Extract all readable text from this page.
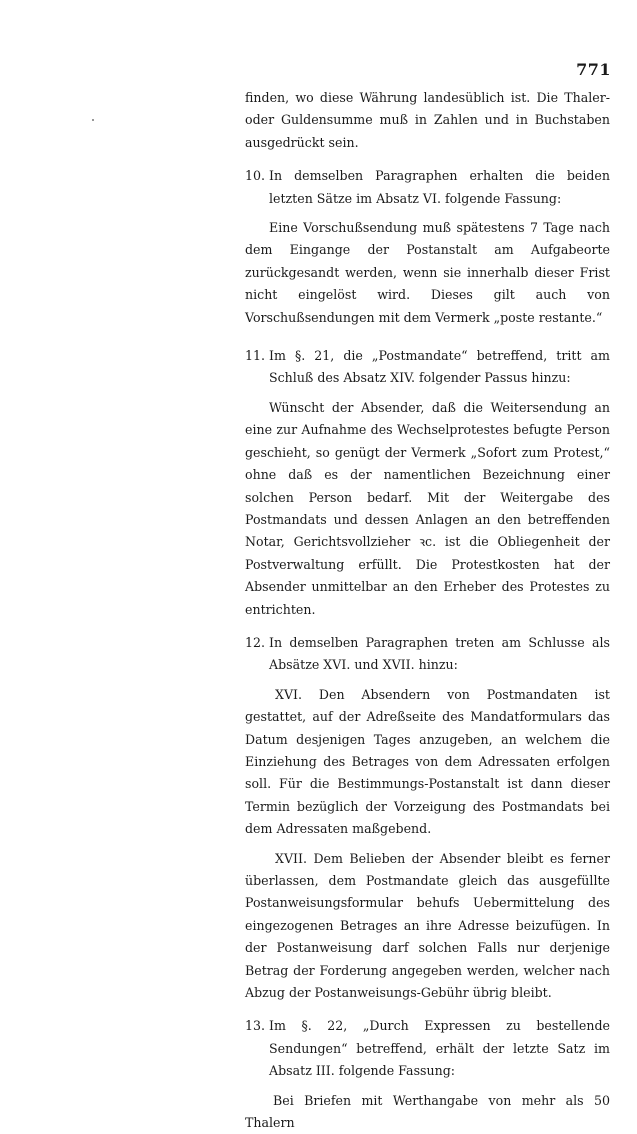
771

finden, wo diese Währung landesüblich ist. Die Thaler- oder Guldensumme muß in Zahlen und in Buchstaben ausgedrückt sein.

10. In demselben Paragraphen erhalten die beiden letzten Sätze im Absatz VI. folgende Fassung:

Eine Vorschußsendung muß spätestens 7 Tage nach dem Eingange der Postanstalt am Aufgabeorte zurückgesandt werden, wenn sie innerhalb dieser Frist nicht eingelöst wird. Dieses gilt auch von Vorschußsendungen mit dem Vermerk „poste restante.“

11. Im §. 21, die „Postmandate“ betreffend, tritt am Schluß des Absatz XIV. folgender Passus hinzu:

Wünscht der Absender, daß die Weitersendung an eine zur Aufnahme des Wechselprotestes befugte Person geschieht, so genügt der Vermerk „Sofort zum Protest,“ ohne daß es der namentlichen Bezeichnung einer solchen Person bedarf. Mit der Weitergabe des Postmandats und dessen Anlagen an den betreffenden Notar, Gerichtsvollzieher ꝛc. ist die Obliegenheit der Postverwaltung erfüllt. Die Protestkosten hat der Absender unmittelbar an den Erheber des Protestes zu entrichten.

12. In demselben Paragraphen treten am Schlusse als Absätze XVI. und XVII. hinzu:

XVI. Den Absendern von Postmandaten ist gestattet, auf der Adreßseite des Mandatformulars das Datum desjenigen Tages anzugeben, an welchem die Einziehung des Betrages von dem Adressaten erfolgen soll. Für die Bestimmungs-Postanstalt ist dann dieser Termin bezüglich der Vorzeigung des Postmandats bei dem Adressaten maßgebend.

XVII. Dem Belieben der Absender bleibt es ferner überlassen, dem Postmandate gleich das ausgefüllte Postanweisungsformular behufs Uebermittelung des eingezogenen Betrages an ihre Adresse beizufügen. In der Postanweisung darf solchen Falls nur derjenige Betrag der Forderung angegeben werden, welcher nach Abzug der Postanweisungs-Gebühr übrig bleibt.

13. Im §. 22, „Durch Expressen zu bestellende Sendungen“ betreffend, erhält der letzte Satz im Absatz III. folgende Fassung:

Bei Briefen mit Werthangabe von mehr als 50 Thalern
